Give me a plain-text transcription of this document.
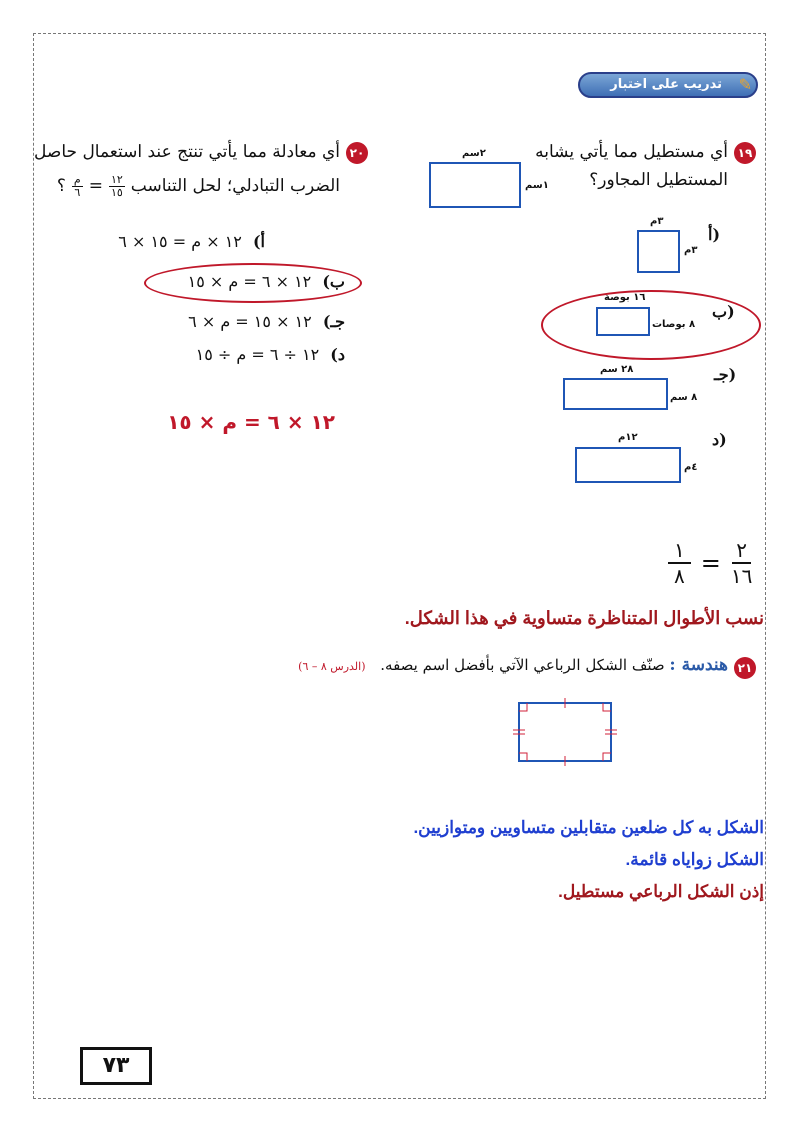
تدريب على اختبار ✎
١٩
أي مستطيل مما يأتي يشابه المستطيل المجاور؟
٢سم
١سم
أ)
٣م
٣م
ب)
١٦ بوصة
٨ بوصات
جـ)
٢٨ سم
٨ سم
د)
١٢م
٤م
٢٠
أي معادلة مما يأتي تنتج عند استعمال حاصل
الضرب التبادلي؛ لحل التناسب
١٢
١٥
=
م
٦
؟
أ) ١٢ × م = ١٥ × ٦
ب) ١٢ × ٦ = م × ١٥
جـ) ١٢ × ١٥ = م × ٦
د) ١٢ ÷ ٦ = م ÷ ١٥
١٢ × ٦ = م × ١٥
١
٨ = ٢
١٦
نسب الأطوال المتناظرة متساوية في هذا الشكل.
٢١
هندسة : صنّف الشكل الرباعي الآتي بأفضل اسم يصفه. (الدرس ٨ – ٦)
الشكل به كل ضلعين متقابلين متساويين ومتوازيين.
الشكل زواياه قائمة.
إذن الشكل الرباعي مستطيل.
٧٣
